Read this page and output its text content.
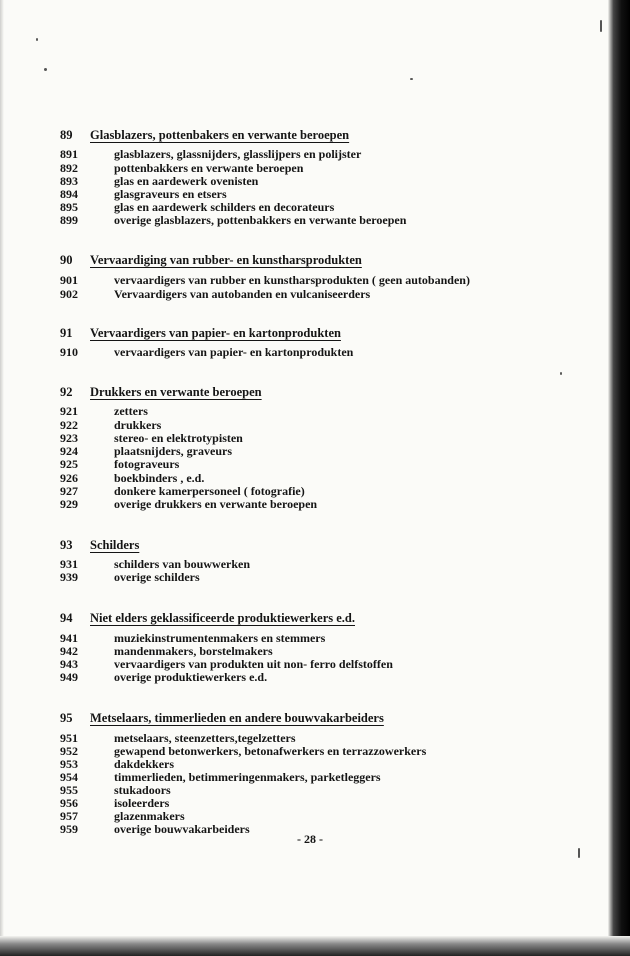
89 Glasblazers, pottenbakers en verwante beroepen
891	glasblazers, glassnijders, glasslijpers en polijster
892	pottenbakkers en verwante beroepen
893	glas en aardewerk ovenisten
894	glasgraveurs en etsers
895	glas en aardewerk schilders en decorateurs
899	overige glasblazers, pottenbakkers en verwante beroepen
90 Vervaardiging van rubber- en kunstharsprodukten
901	vervaardigers van rubber en kunstharsprodukten ( geen autobanden)
902	Vervaardigers van autobanden en vulcaniseerders
91 Vervaardigers van papier- en kartonprodukten
910	vervaardigers van papier- en kartonprodukten
92 Drukkers en verwante beroepen
921	zetters
922	drukkers
923	stereo- en elektrotypisten
924	plaatsnijders, graveurs
925	fotograveurs
926	boekbinders , e.d.
927	donkere kamerpersoneel ( fotografie)
929	overige drukkers en verwante beroepen
93 Schilders
931	schilders van bouwwerken
939	overige schilders
94 Niet elders geklassificeerde produktiewerkers e.d.
941	muziekinstrumentenmakers en stemmers
942	mandenmakers, borstelmakers
943	vervaardigers van produkten uit non- ferro delfstoffen
949	overige produktiewerkers e.d.
95 Metselaars, timmerlieden en andere bouwvakarbeiders
951	metselaars, steenzetters,tegelzetters
952	gewapend betonwerkers, betonafwerkers en terrazzowerkers
953	dakdekkers
954	timmerlieden, betimmeringenmakers, parketleggers
955	stukadoors
956	isoleerders
957	glazenmakers
959	overige bouwvakarbeiders
- 28 -
